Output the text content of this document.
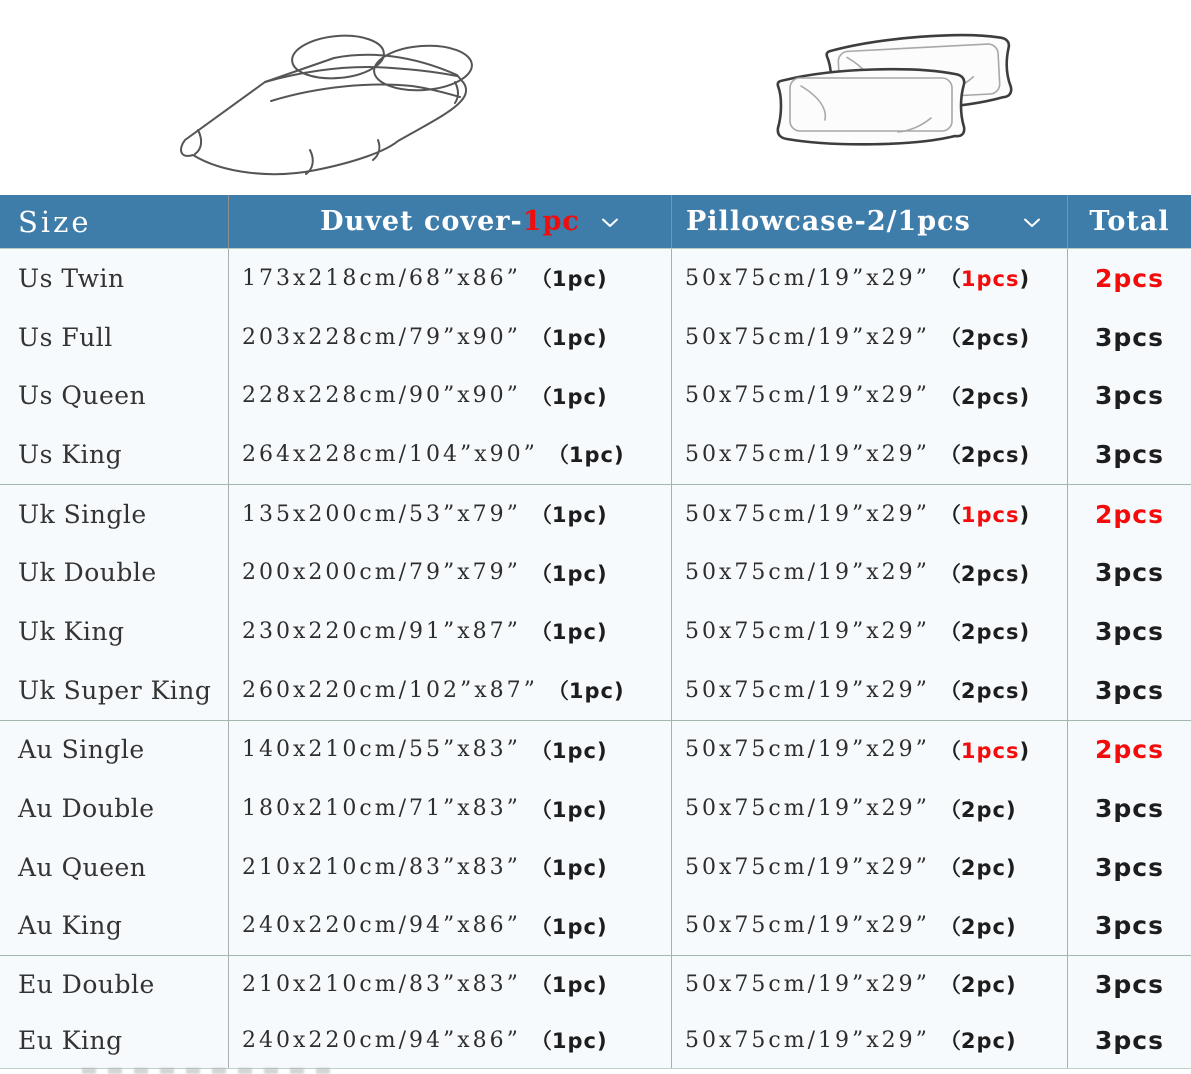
Size	Duvet cover-1pc	Pillowcase-2/1pcs	Total
Us Twin	173x218cm/68”x86” （1pc)	50x75cm/19”x29” （1pcs)	2pcs
Us Full	203x228cm/79”x90” （1pc)	50x75cm/19”x29” （2pcs)	3pcs
Us Queen	228x228cm/90”x90” （1pc)	50x75cm/19”x29” （2pcs)	3pcs
Us King	264x228cm/104”x90” （1pc)	50x75cm/19”x29” （2pcs)	3pcs
Uk Single	135x200cm/53”x79” （1pc)	50x75cm/19”x29” （1pcs)	2pcs
Uk Double	200x200cm/79”x79” （1pc)	50x75cm/19”x29” （2pcs)	3pcs
Uk King	230x220cm/91”x87” （1pc)	50x75cm/19”x29” （2pcs)	3pcs
Uk Super King 260x220cm/102”x87” （1pc)	50x75cm/19”x29” （2pcs)	3pcs
Au Single	140x210cm/55”x83” （1pc)	50x75cm/19”x29” （1pcs)	2pcs
Au Double	180x210cm/71”x83” （1pc)	50x75cm/19”x29” （2pc)	3pcs
Au Queen	210x210cm/83”x83” （1pc)	50x75cm/19”x29” （2pc)	3pcs
Au King	240x220cm/94”x86” （1pc)	50x75cm/19”x29” （2pc)	3pcs
Eu Double	210x210cm/83”x83” （1pc)	50x75cm/19”x29” （2pc)	3pcs
Eu King	240x220cm/94”x86” （1pc)	50x75cm/19”x29” （2pc)	3pcs
